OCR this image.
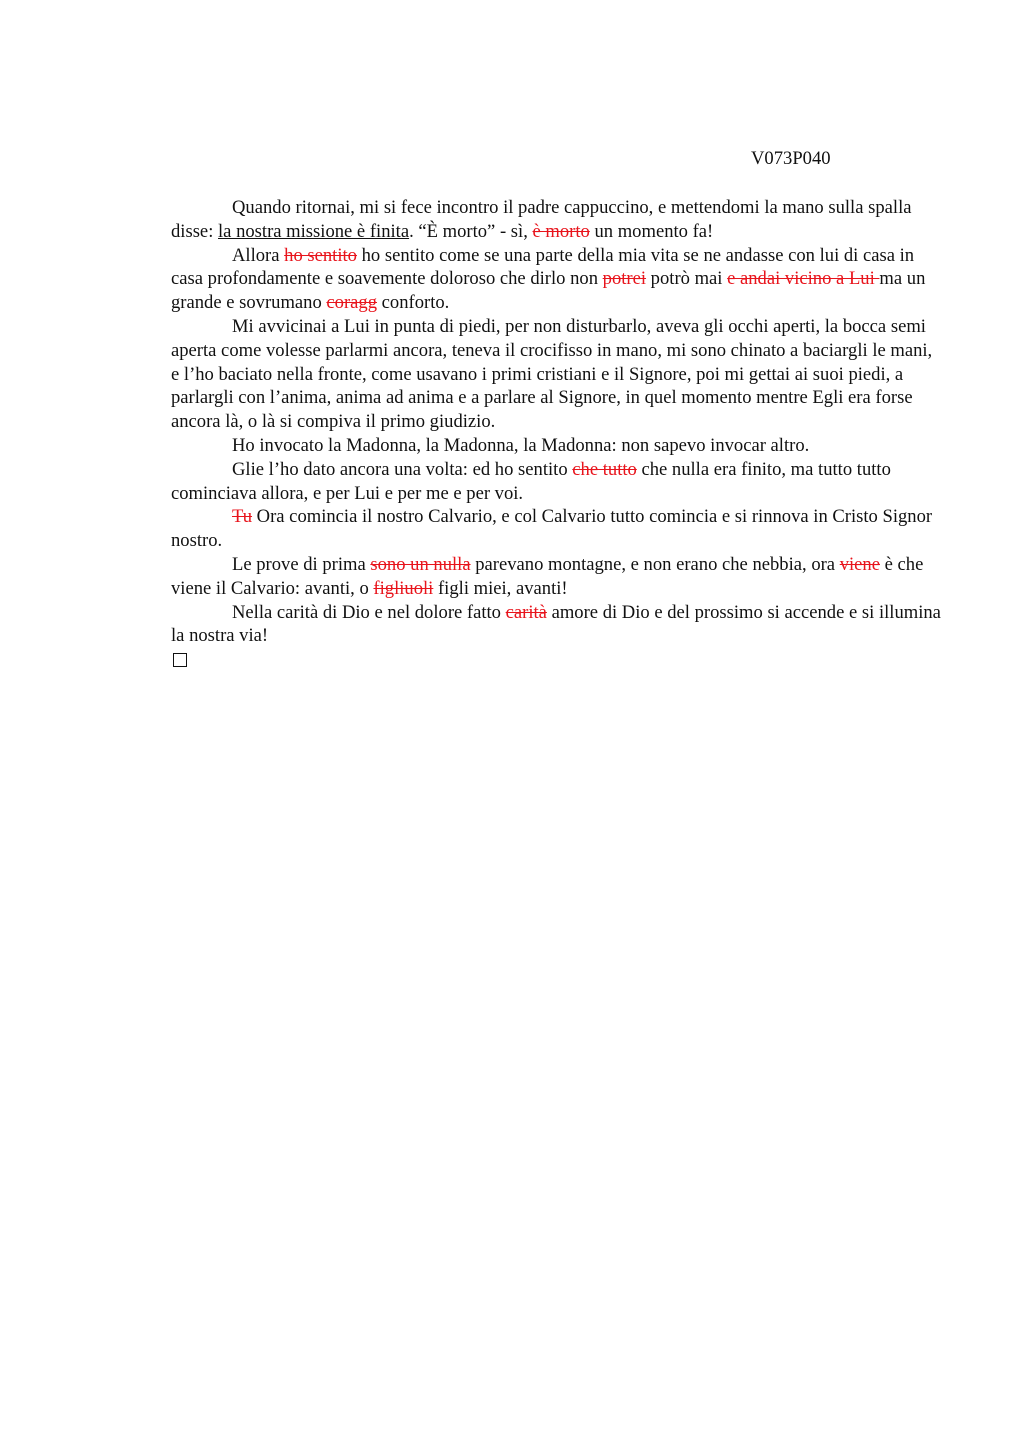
V073P040

Quando ritornai, mi si fece incontro il padre cappuccino, e mettendomi la mano sulla spalla disse: la nostra missione è finita. “È morto” - sì, è morto un momento fa!

Allora ho sentito ho sentito come se una parte della mia vita se ne andasse con lui di casa in casa profondamente e soavemente doloroso che dirlo non potrei potrò mai e andai vicino a Lui ma un grande e sovrumano coragg conforto.

Mi avvicinai a Lui in punta di piedi, per non disturbarlo, aveva gli occhi aperti, la bocca semi aperta come volesse parlarmi ancora, teneva il crocifisso in mano, mi sono chinato a baciargli le mani, e l’ho baciato nella fronte, come usavano i primi cristiani e il Signore, poi mi gettai ai suoi piedi, a parlargli con l’anima, anima ad anima e a parlare al Signore, in quel momento mentre Egli era forse ancora là, o là si compiva il primo giudizio.

Ho invocato la Madonna, la Madonna, la Madonna: non sapevo invocar altro.

Glie l’ho dato ancora una volta: ed ho sentito che tutto che nulla era finito, ma tutto tutto cominciava allora, e per Lui e per me e per voi.

Tu Ora comincia il nostro Calvario, e col Calvario tutto comincia e si rinnova in Cristo Signor nostro.

Le prove di prima sono un nulla parevano montagne, e non erano che nebbia, ora viene è che viene il Calvario: avanti, o figliuoli figli miei, avanti!

Nella carità di Dio e nel dolore fatto carità amore di Dio e del prossimo si accende e si illumina la nostra via!
